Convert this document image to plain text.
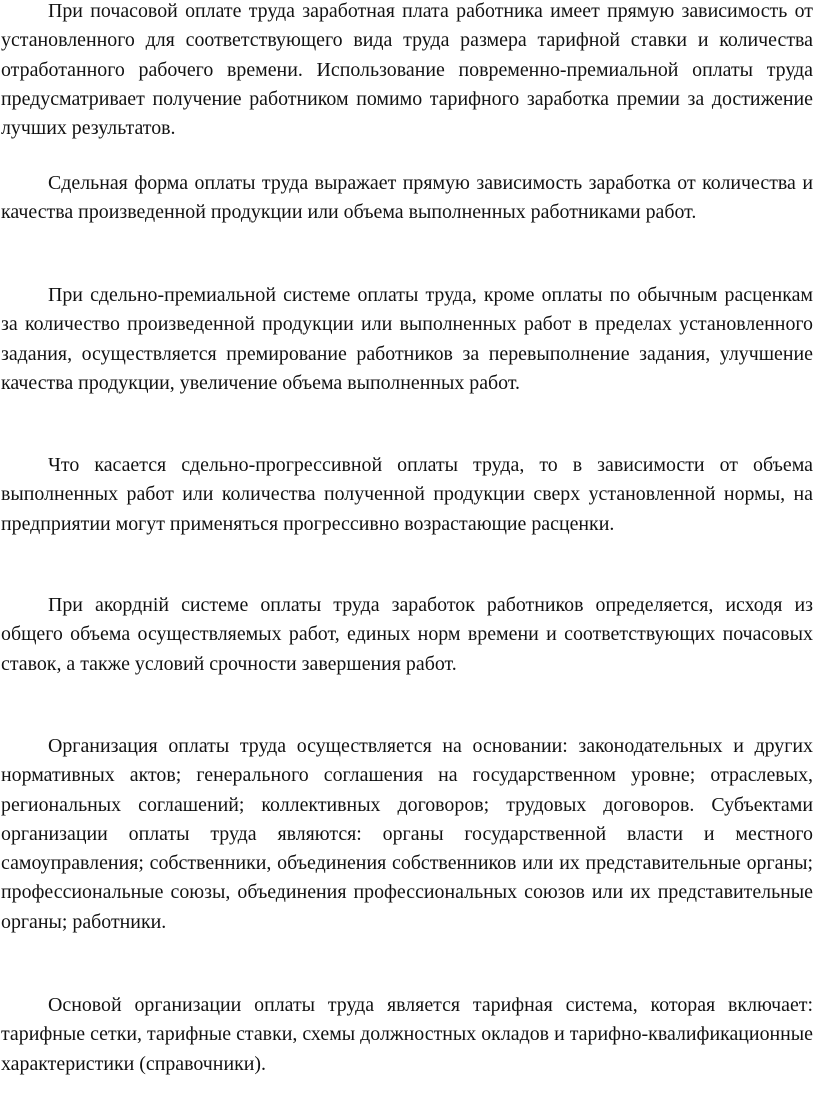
При почасовой оплате труда заработная плата работника имеет прямую зависимость от установленного для соответствующего вида труда размера тарифной ставки и количества отработанного рабочего времени. Использование повременно-премиальной оплаты труда предусматривает получение работником помимо тарифного заработка премии за достижение лучших результатов.

Сдельная форма оплаты труда выражает прямую зависимость заработка от количества и качества произведенной продукции или объема выполненных работниками работ.

При сдельно-премиальной системе оплаты труда, кроме оплаты по обычным расценкам за количество произведенной продукции или выполненных работ в пределах установленного задания, осуществляется премирование работников за перевыполнение задания, улучшение качества продукции, увеличение объема выполненных работ.

Что касается сдельно-прогрессивной оплаты труда, то в зависимости от объема выполненных работ или количества полученной продукции сверх установленной нормы, на предприятии могут применяться прогрессивно возрастающие расценки.

При акордній системе оплаты труда заработок работников определяется, исходя из общего объема осуществляемых работ, единых норм времени и соответствующих почасовых ставок, а также условий срочности завершения работ.

Организация оплаты труда осуществляется на основании: законодательных и других нормативных актов; генерального соглашения на государственном уровне; отраслевых, региональных соглашений; коллективных договоров; трудовых договоров. Субъектами организации оплаты труда являются: органы государственной власти и местного самоуправления; собственники, объединения собственников или их представительные органы; профессиональные союзы, объединения профессиональных союзов или их представительные органы; работники.

Основой организации оплаты труда является тарифная система, которая включает: тарифные сетки, тарифные ставки, схемы должностных окладов и тарифно-квалификационные характеристики (справочники).
